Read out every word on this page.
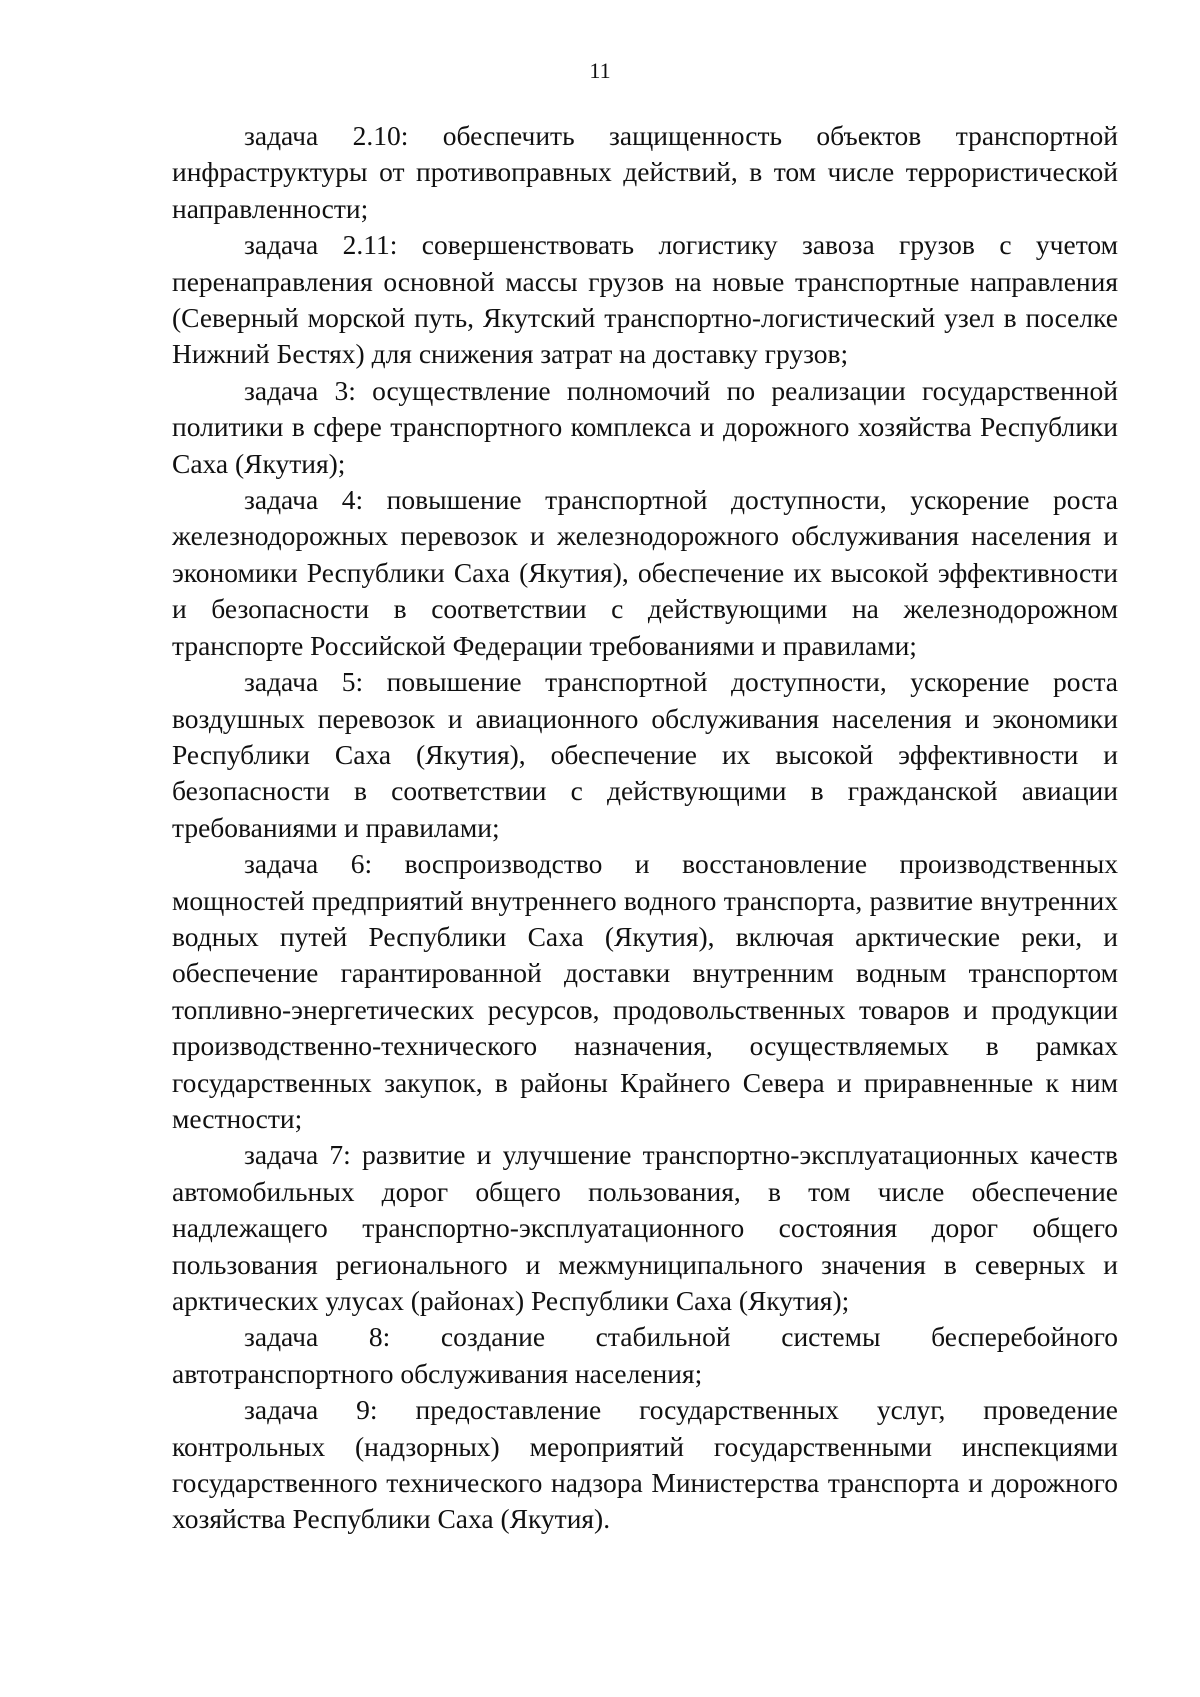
11

задача 2.10: обеспечить защищенность объектов транспортной инфраструктуры от противоправных действий, в том числе террористической направленности;

задача 2.11: совершенствовать логистику завоза грузов с учетом перенаправления основной массы грузов на новые транспортные направления (Северный морской путь, Якутский транспортно-логистический узел в поселке Нижний Бестях) для снижения затрат на доставку грузов;

задача 3: осуществление полномочий по реализации государственной политики в сфере транспортного комплекса и дорожного хозяйства Республики Саха (Якутия);

задача 4: повышение транспортной доступности, ускорение роста железнодорожных перевозок и железнодорожного обслуживания населения и экономики Республики Саха (Якутия), обеспечение их высокой эффективности и безопасности в соответствии с действующими на железнодорожном транспорте Российской Федерации требованиями и правилами;

задача 5: повышение транспортной доступности, ускорение роста воздушных перевозок и авиационного обслуживания населения и экономики Республики Саха (Якутия), обеспечение их высокой эффективности и безопасности в соответствии с действующими в гражданской авиации требованиями и правилами;

задача 6: воспроизводство и восстановление производственных мощностей предприятий внутреннего водного транспорта, развитие внутренних водных путей Республики Саха (Якутия), включая арктические реки, и обеспечение гарантированной доставки внутренним водным транспортом топливно-энергетических ресурсов, продовольственных товаров и продукции производственно-технического назначения, осуществляемых в рамках государственных закупок, в районы Крайнего Севера и приравненные к ним местности;

задача 7: развитие и улучшение транспортно-эксплуатационных качеств автомобильных дорог общего пользования, в том числе обеспечение надлежащего транспортно-эксплуатационного состояния дорог общего пользования регионального и межмуниципального значения в северных и арктических улусах (районах) Республики Саха (Якутия);

задача 8: создание стабильной системы бесперебойного автотранспортного обслуживания населения;

задача 9: предоставление государственных услуг, проведение контрольных (надзорных) мероприятий государственными инспекциями государственного технического надзора Министерства транспорта и дорожного хозяйства Республики Саха (Якутия).
